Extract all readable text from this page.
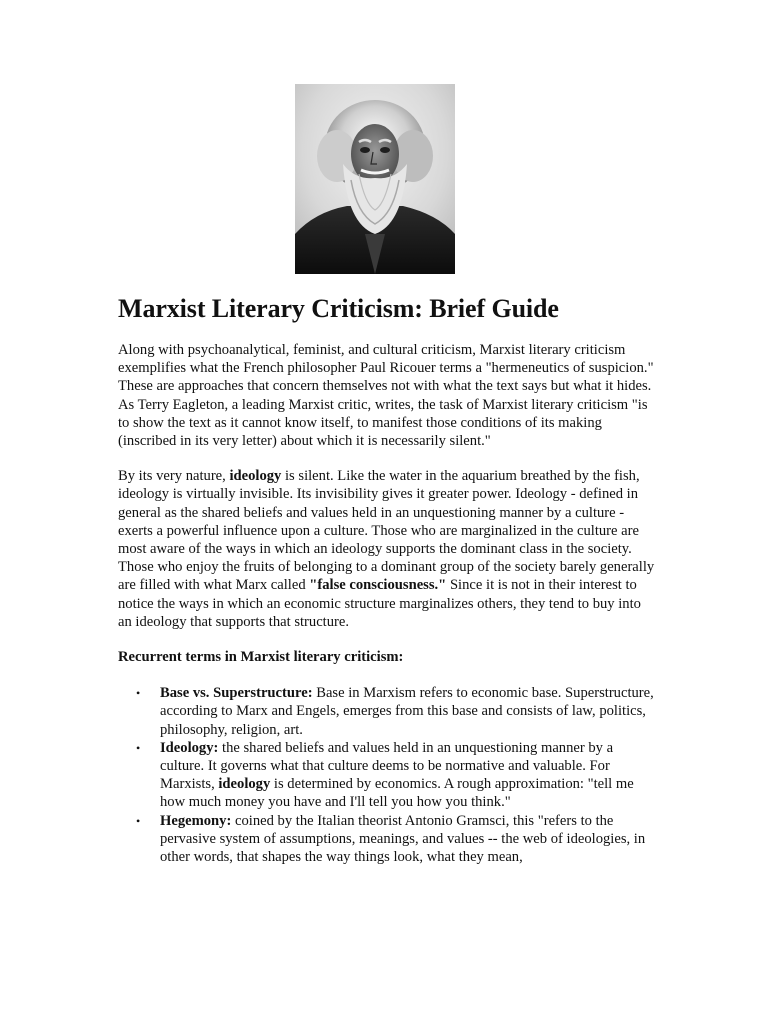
Marxist Literary Criticism: Brief Guide

Along with psychoanalytical, feminist, and cultural criticism, Marxist literary criticism exemplifies what the French philosopher Paul Ricouer terms a "hermeneutics of suspicion." These are approaches that concern themselves not with what the text says but what it hides. As Terry Eagleton, a leading Marxist critic, writes, the task of Marxist literary criticism "is to show the text as it cannot know itself, to manifest those conditions of its making (inscribed in its very letter) about which it is necessarily silent."

By its very nature, ideology is silent. Like the water in the aquarium breathed by the fish, ideology is virtually invisible. Its invisibility gives it greater power. Ideology - defined in general as the shared beliefs and values held in an unquestioning manner by a culture - exerts a powerful influence upon a culture. Those who are marginalized in the culture are most aware of the ways in which an ideology supports the dominant class in the society. Those who enjoy the fruits of belonging to a dominant group of the society barely generally are filled with what Marx called "false consciousness." Since it is not in their interest to notice the ways in which an economic structure marginalizes others, they tend to buy into an ideology that supports that structure.

Recurrent terms in Marxist literary criticism:

• Base vs. Superstructure: Base in Marxism refers to economic base. Superstructure, according to Marx and Engels, emerges from this base and consists of law, politics, philosophy, religion, art.
• Ideology: the shared beliefs and values held in an unquestioning manner by a culture. It governs what that culture deems to be normative and valuable. For Marxists, ideology is determined by economics. A rough approximation: "tell me how much money you have and I'll tell you how you think."
• Hegemony: coined by the Italian theorist Antonio Gramsci, this "refers to the pervasive system of assumptions, meanings, and values -- the web of ideologies, in other words, that shapes the way things look, what they mean,
